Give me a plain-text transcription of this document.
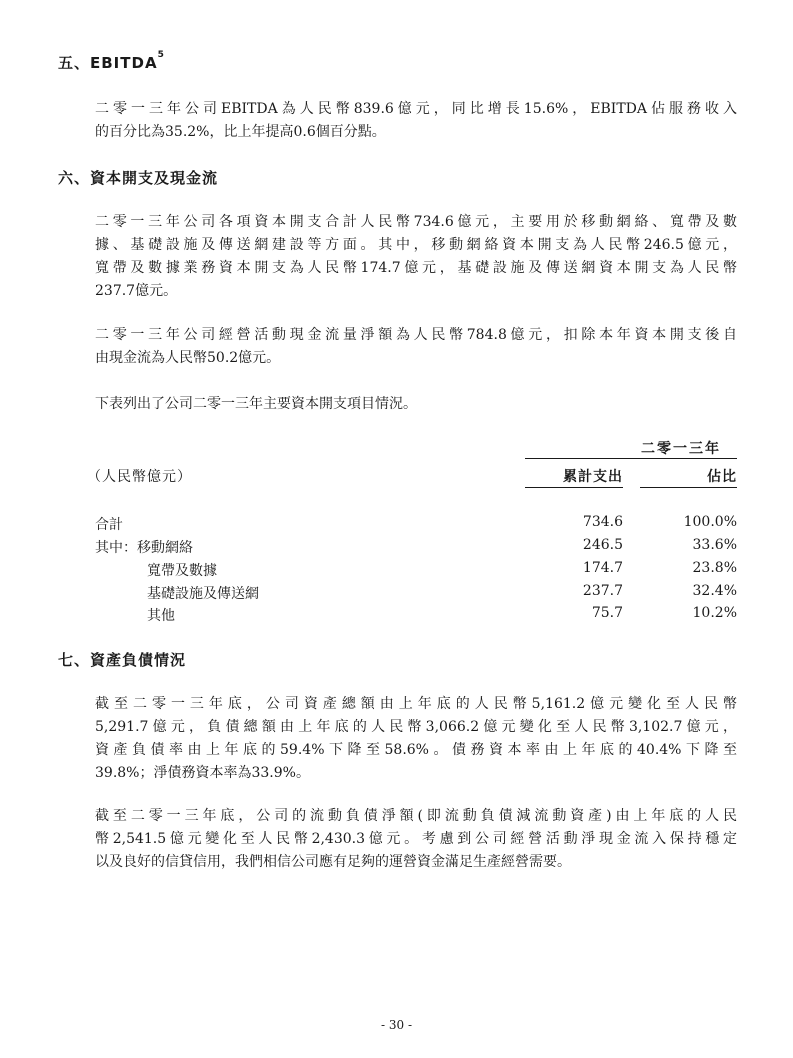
五、EBITDA$^5$

二零一三年公司EBITDA為人民幣839.6億元，同比增長15.6%，EBITDA佔服務收入
的百分比為35.2%，比上年提高0.6個百分點。

六、資本開支及現金流

二零一三年公司各項資本開支合計人民幣734.6億元，主要用於移動網絡、寬帶及數
據、基礎設施及傳送網建設等方面。其中，移動網絡資本開支為人民幣246.5億元，
寬帶及數據業務資本開支為人民幣174.7億元，基礎設施及傳送網資本開支為人民幣
237.7億元。

二零一三年公司經營活動現金流量淨額為人民幣784.8億元，扣除本年資本開支後自
由現金流為人民幣50.2億元。

下表列出了公司二零一三年主要資本開支項目情況。

二零一三年
（人民幣億元）	累計支出	佔比
合計	734.6	100.0%
其中：移動網絡	246.5	33.6%
寬帶及數據	174.7	23.8%
基礎設施及傳送網	237.7	32.4%
其他	75.7	10.2%
七、資產負債情況

截至二零一三年底，公司資產總額由上年底的人民幣5,161.2億元變化至人民幣
5,291.7億元，負債總額由上年底的人民幣3,066.2億元變化至人民幣3,102.7億元，
資產負債率由上年底的59.4%下降至58.6%。債務資本率由上年底的40.4%下降至
39.8%；淨債務資本率為33.9%。

截至二零一三年底，公司的流動負債淨額(即流動負債減流動資產)由上年底的人民
幣2,541.5億元變化至人民幣2,430.3億元。考慮到公司經營活動淨現金流入保持穩定
以及良好的信貸信用，我們相信公司應有足夠的運營資金滿足生產經營需要。

- 30 -
